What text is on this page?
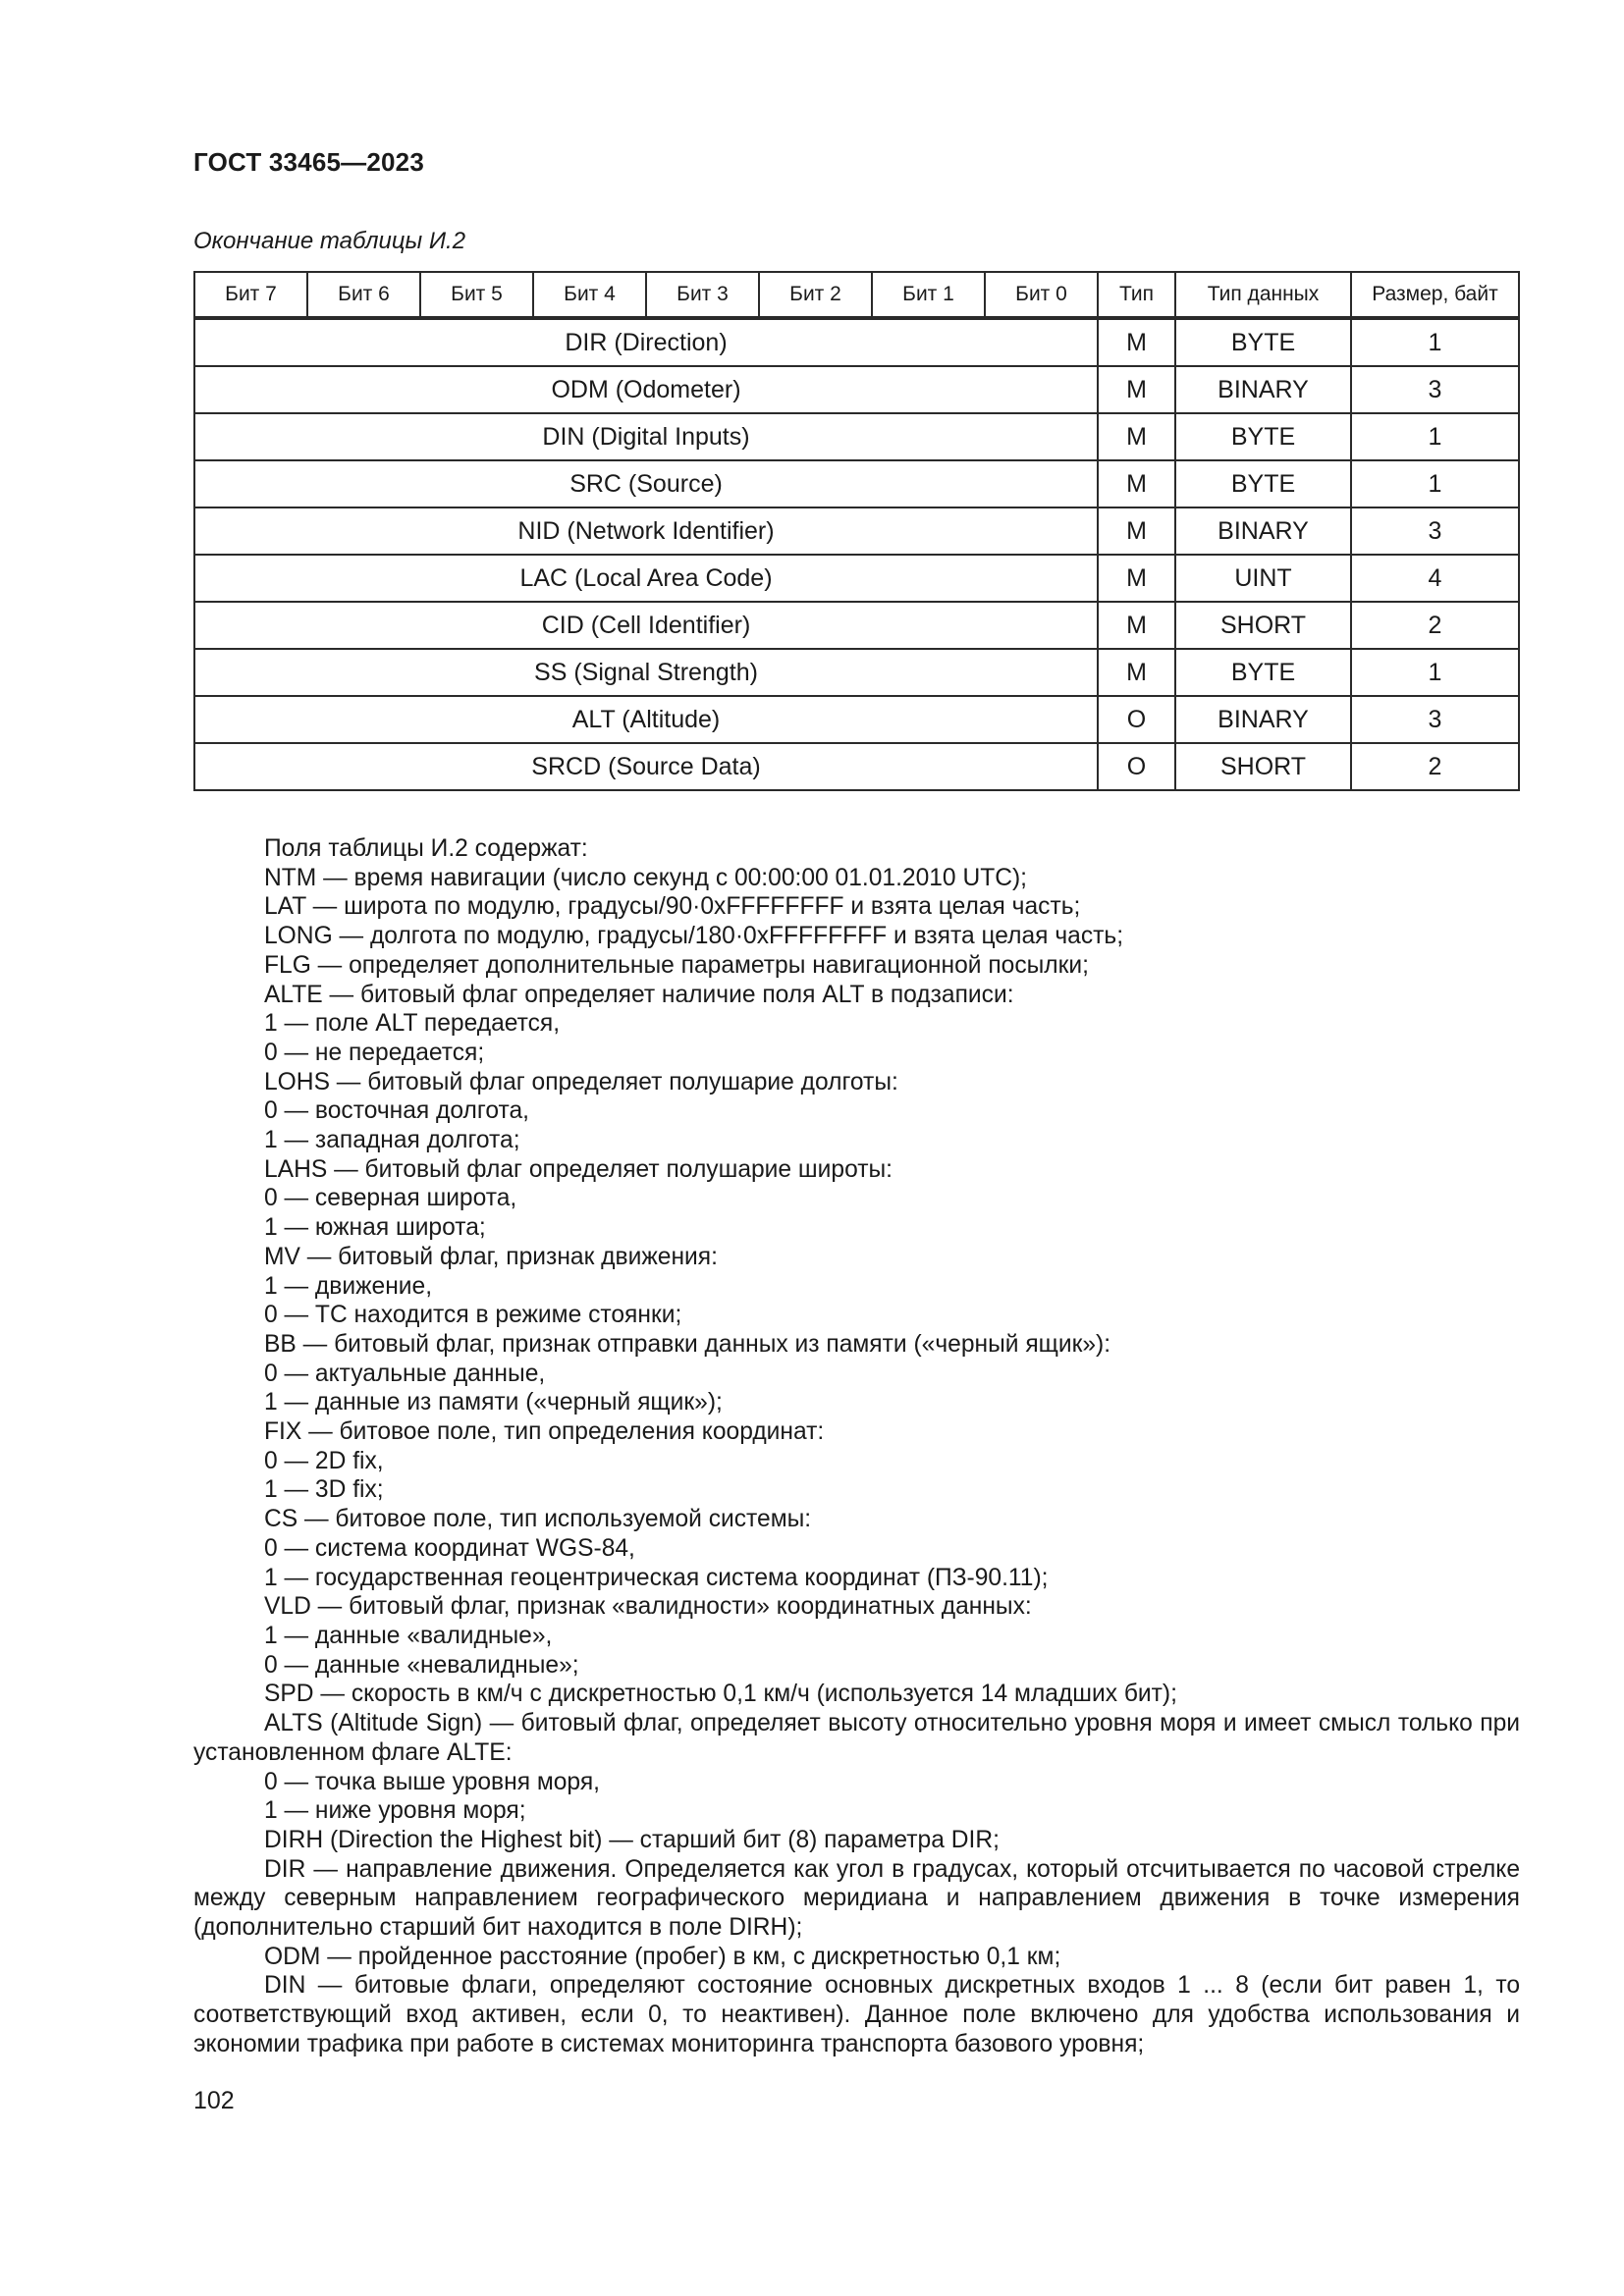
ГОСТ 33465—2023
Окончание таблицы И.2
Бит 7	Бит 6	Бит 5	Бит 4	Бит 3	Бит 2	Бит 1	Бит 0	Тип	Тип данных	Размер, байт
DIR (Direction)								M	BYTE	1
ODM (Odometer)								M	BINARY	3
DIN (Digital Inputs)								M	BYTE	1
SRC (Source)								M	BYTE	1
NID (Network Identifier)								M	BINARY	3
LAC (Local Area Code)								M	UINT	4
CID (Cell Identifier)								M	SHORT	2
SS (Signal Strength)								M	BYTE	1
ALT (Altitude)								O	BINARY	3
SRCD (Source Data)								O	SHORT	2
Поля таблицы И.2 содержат:
NTM — время навигации (число секунд с 00:00:00 01.01.2010 UTC);
LAT — широта по модулю, градусы/90·0xFFFFFFFF и взята целая часть;
LONG — долгота по модулю, градусы/180·0xFFFFFFFF и взята целая часть;
FLG — определяет дополнительные параметры навигационной посылки;
ALTE — битовый флаг определяет наличие поля ALT в подзаписи:
1 — поле ALT передается,
0 — не передается;
LOHS — битовый флаг определяет полушарие долготы:
0 — восточная долгота,
1 — западная долгота;
LAHS — битовый флаг определяет полушарие широты:
0 — северная широта,
1 — южная широта;
MV — битовый флаг, признак движения:
1 — движение,
0 — ТС находится в режиме стоянки;
BB — битовый флаг, признак отправки данных из памяти («черный ящик»):
0 — актуальные данные,
1 — данные из памяти («черный ящик»);
FIX — битовое поле, тип определения координат:
0 — 2D fix,
1 — 3D fix;
CS — битовое поле, тип используемой системы:
0 — система координат WGS-84,
1 — государственная геоцентрическая система координат (ПЗ-90.11);
VLD — битовый флаг, признак «валидности» координатных данных:
1 — данные «валидные»,
0 — данные «невалидные»;
SPD — скорость в км/ч с дискретностью 0,1 км/ч (используется 14 младших бит);
ALTS (Altitude Sign) — битовый флаг, определяет высоту относительно уровня моря и имеет смысл только при установленном флаге ALTE:
0 — точка выше уровня моря,
1 — ниже уровня моря;
DIRH (Direction the Highest bit) — старший бит (8) параметра DIR;
DIR — направление движения. Определяется как угол в градусах, который отсчитывается по часовой стрелке между северным направлением географического меридиана и направлением движения в точке измерения (дополнительно старший бит находится в поле DIRH);
ODM — пройденное расстояние (пробег) в км, с дискретностью 0,1 км;
DIN — битовые флаги, определяют состояние основных дискретных входов 1 ... 8 (если бит равен 1, то соответствующий вход активен, если 0, то неактивен). Данное поле включено для удобства использования и экономии трафика при работе в системах мониторинга транспорта базового уровня;
102
